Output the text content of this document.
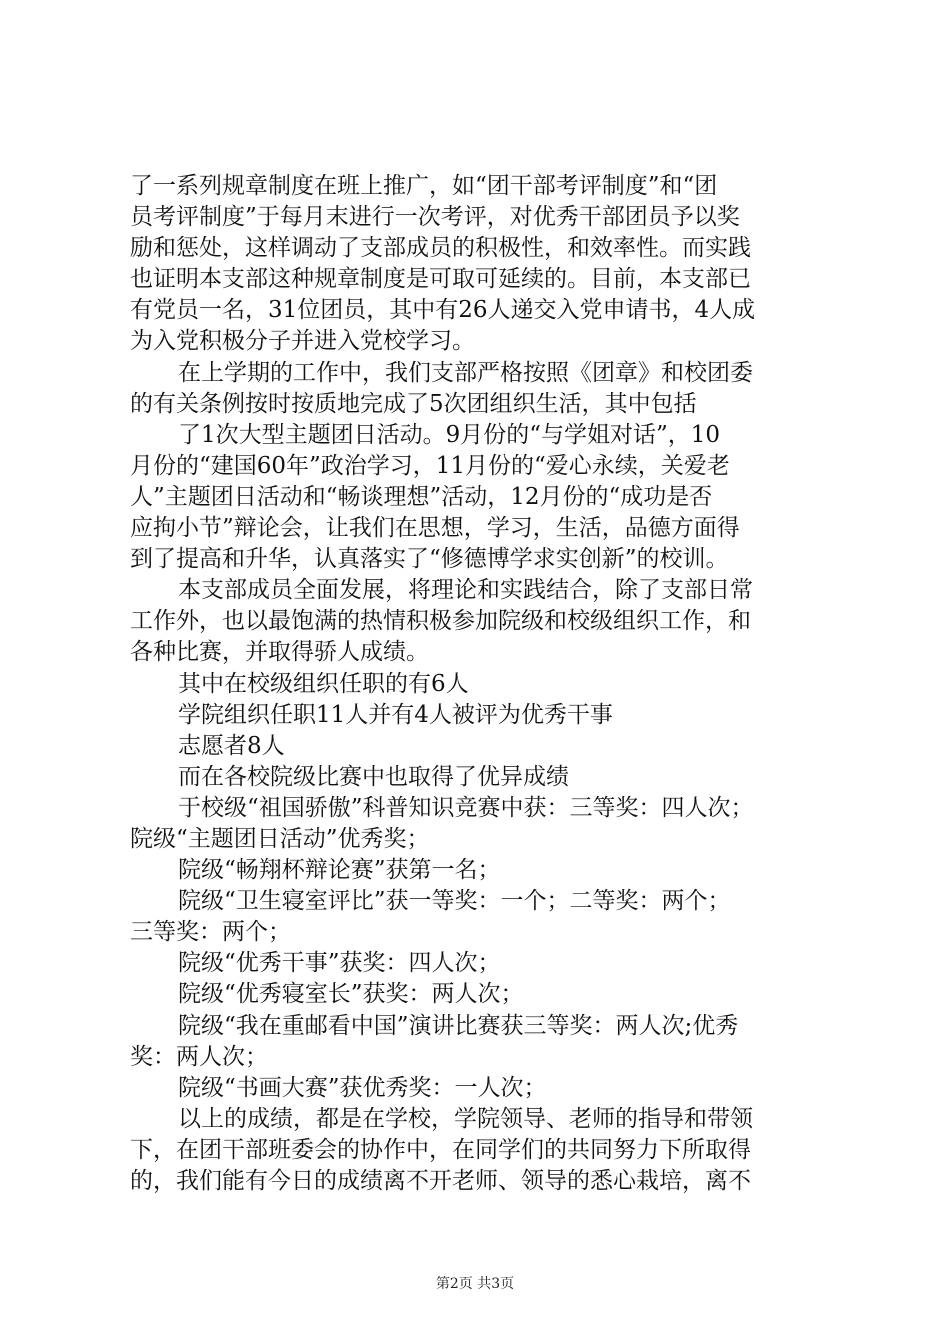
了一系列规章制度在班上推广，如“团干部考评制度”和“团
员考评制度”于每月末进行一次考评，对优秀干部团员予以奖
励和惩处，这样调动了支部成员的积极性，和效率性。而实践
也证明本支部这种规章制度是可取可延续的。目前，本支部已
有党员一名，31位团员，其中有26人递交入党申请书，4人成
为入党积极分子并进入党校学习。
在上学期的工作中，我们支部严格按照《团章》和校团委
的有关条例按时按质地完成了5次团组织生活，其中包括
了1次大型主题团日活动。9月份的“与学姐对话”，10
月份的“建国60年”政治学习，11月份的“爱心永续，关爱老
人”主题团日活动和“畅谈理想”活动，12月份的“成功是否
应拘小节”辩论会，让我们在思想，学习，生活，品德方面得
到了提高和升华，认真落实了“修德博学求实创新”的校训。
本支部成员全面发展，将理论和实践结合，除了支部日常
工作外，也以最饱满的热情积极参加院级和校级组织工作，和
各种比赛，并取得骄人成绩。
其中在校级组织任职的有6人
学院组织任职11人并有4人被评为优秀干事
志愿者8人
而在各校院级比赛中也取得了优异成绩
于校级“祖国骄傲”科普知识竞赛中获：三等奖：四人次；
院级“主题团日活动”优秀奖；
院级“畅翔杯辩论赛”获第一名；
院级“卫生寝室评比”获一等奖：一个；二等奖：两个；
三等奖：两个；
院级“优秀干事”获奖：四人次；
院级“优秀寝室长”获奖：两人次；
院级“我在重邮看中国”演讲比赛获三等奖：两人次;优秀
奖：两人次；
院级“书画大赛”获优秀奖：一人次；
以上的成绩，都是在学校，学院领导、老师的指导和带领
下，在团干部班委会的协作中，在同学们的共同努力下所取得
的，我们能有今日的成绩离不开老师、领导的悉心栽培，离不
第2页 共3页
